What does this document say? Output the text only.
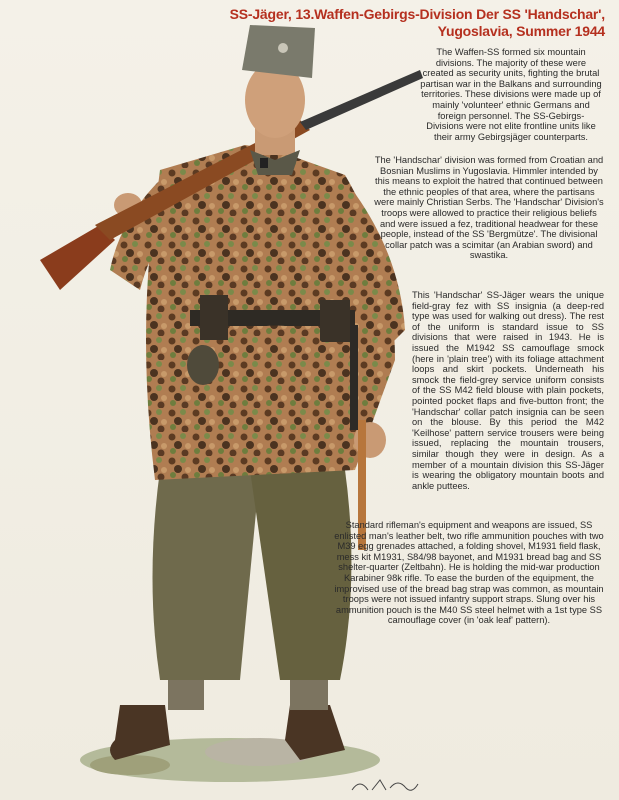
SS-Jäger, 13.Waffen-Gebirgs-Division Der SS 'Handschar',
Yugoslavia, Summer 1944

The Waffen-SS formed six mountain divisions. The majority of these were created as security units, fighting the brutal partisan war in the Balkans and surrounding territories. These divisions were made up of mainly 'volunteer' ethnic Germans and foreign personnel. The SS-Gebirgs-Divisions were not elite frontline units like their army Gebirgsjäger counterparts.

The 'Handschar' division was formed from Croatian and Bosnian Muslims in Yugoslavia. Himmler intended by this means to exploit the hatred that continued between the ethnic peoples of that area, where the partisans were mainly Christian Serbs. The 'Handschar' Division's troops were allowed to practice their religious beliefs and were issued a fez, traditional headwear for these people, instead of the SS 'Bergmütze'. The divisional collar patch was a scimitar (an Arabian sword) and swastika.

This 'Handschar' SS-Jäger wears the unique field-gray fez with SS insignia (a deep-red type was used for walking out dress). The rest of the uniform is standard issue to SS divisions that were raised in 1943. He is issued the M1942 SS camouflage smock (here in 'plain tree') with its foliage attachment loops and skirt pockets. Underneath his smock the field-grey service uniform consists of the SS M42 field blouse with plain pockets, pointed pocket flaps and five-button front; the 'Handschar' collar patch insignia can be seen on the blouse. By this period the M42 'Keilhose' pattern service trousers were being issued, replacing the mountain trousers, similar though they were in design. As a member of a mountain division this SS-Jäger is wearing the obligatory mountain boots and ankle puttees.

Standard rifleman's equipment and weapons are issued, SS enlisted man's leather belt, two rifle ammunition pouches with two M39 egg grenades attached, a folding shovel, M1931 field flask, mess kit M1931, S84/98 bayonet, and M1931 bread bag and SS shelter-quarter (Zeltbahn). He is holding the mid-war production Karabiner 98k rifle. To ease the burden of the equipment, the improvised use of the bread bag strap was common, as mountain troops were not issued infantry support straps. Slung over his ammunition pouch is the M40 SS steel helmet with a 1st type SS camouflage cover (in 'oak leaf' pattern).
